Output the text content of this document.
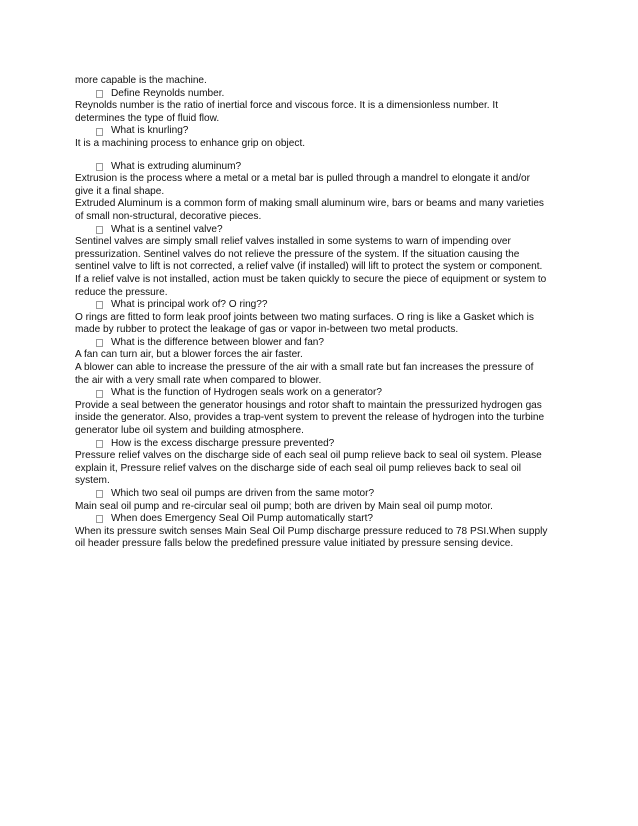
more capable is the machine.
Define Reynolds number.
Reynolds number is the ratio of inertial force and viscous force. It is a dimensionless number. It
determines the type of fluid flow.
What is knurling?
It is a machining process to enhance grip on object.
What is extruding aluminum?
Extrusion is the process where a metal or a metal bar is pulled through a mandrel to elongate it and/or
give it a final shape.
Extruded Aluminum is a common form of making small aluminum wire, bars or beams and many varieties
of small non-structural, decorative pieces.
What is a sentinel valve?
Sentinel valves are simply small relief valves installed in some systems to warn of impending over
pressurization. Sentinel valves do not relieve the pressure of the system. If the situation causing the
sentinel valve to lift is not corrected, a relief valve (if installed) will lift to protect the system or component.
If a relief valve is not installed, action must be taken quickly to secure the piece of equipment or system to
reduce the pressure.
What is principal work of? O ring??
O rings are fitted to form leak proof joints between two mating surfaces. O ring is like a Gasket which is
made by rubber to protect the leakage of gas or vapor in-between two metal products.
What is the difference between blower and fan?
A fan can turn air, but a blower forces the air faster.
A blower can able to increase the pressure of the air with a small rate but fan increases the pressure of
the air with a very small rate when compared to blower.
What is the function of Hydrogen seals work on a generator?
Provide a seal between the generator housings and rotor shaft to maintain the pressurized hydrogen gas
inside the generator. Also, provides a trap-vent system to prevent the release of hydrogen into the turbine
generator lube oil system and building atmosphere.
How is the excess discharge pressure prevented?
Pressure relief valves on the discharge side of each seal oil pump relieve back to seal oil system. Please
explain it, Pressure relief valves on the discharge side of each seal oil pump relieves back to seal oil
system.
Which two seal oil pumps are driven from the same motor?
Main seal oil pump and re-circular seal oil pump; both are driven by Main seal oil pump motor.
When does Emergency Seal Oil Pump automatically start?
When its pressure switch senses Main Seal Oil Pump discharge pressure reduced to 78 PSI.When supply
oil header pressure falls below the predefined pressure value initiated by pressure sensing device.
